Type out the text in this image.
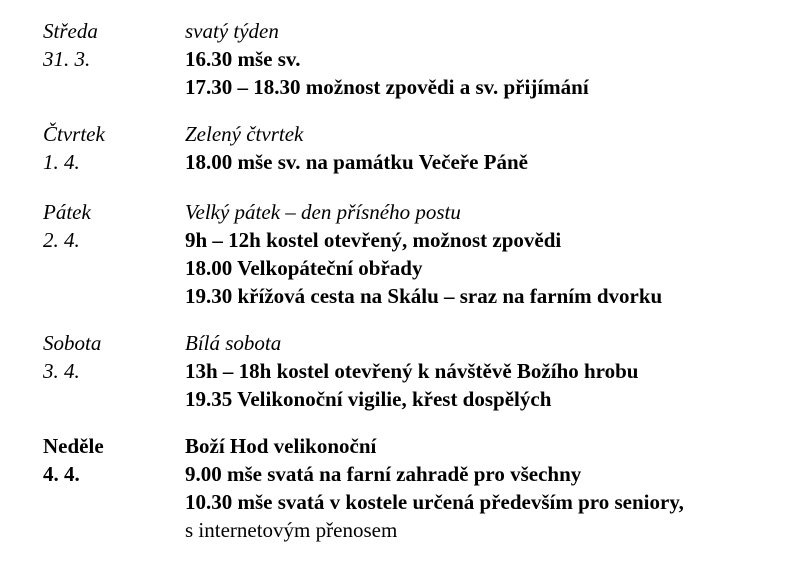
Středa
31. 3.
svatý týden
16.30 mše sv.
17.30 – 18.30 možnost zpovědi a sv. přijímání
Čtvrtek
1. 4.
Zelený čtvrtek
18.00 mše sv. na památku Večeře Páně
Pátek
2. 4.
Velký pátek – den přísného postu
9h – 12h kostel otevřený, možnost zpovědi
18.00 Velkopáteční obřady
19.30 křížová cesta na Skálu – sraz na farním dvorku
Sobota
3. 4.
Bílá sobota
13h – 18h kostel otevřený k návštěvě Božího hrobu
19.35 Velikonoční vigilie, křest dospělých
Neděle
4. 4.
Boží Hod velikonoční
9.00 mše svatá na farní zahradě pro všechny
10.30 mše svatá v kostele určená především pro seniory,
s internetovým přenosem
